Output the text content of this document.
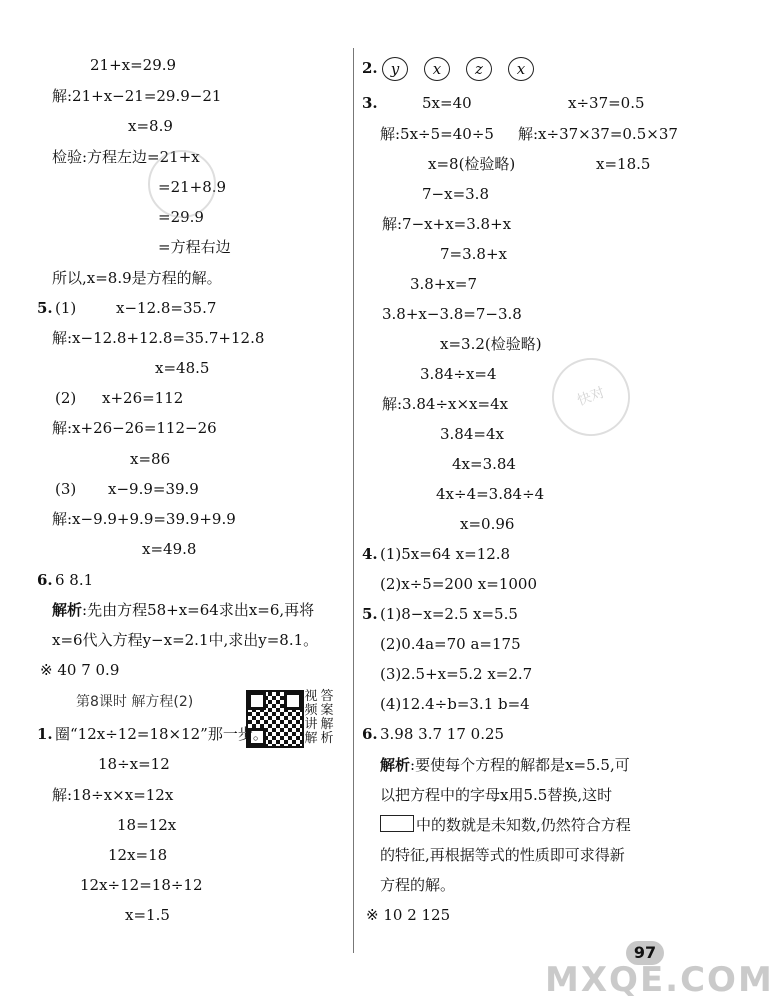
21+x=29.9
解:21+x−21=29.9−21
x=8.9
检验:方程左边=21+x
=21+8.9
=29.9
=方程右边
所以,x=8.9是方程的解。
5. (1)	x−12.8=35.7
解:x−12.8+12.8=35.7+12.8
x=48.5
(2) x+26=112
解:x+26−26=112−26
x=86
(3) x−9.9=39.9
解:x−9.9+9.9=39.9+9.9
x=49.8
6. 6 8.1
解析:先由方程58+x=64求出x=6,再将
x=6代入方程y−x=2.1中,求出y=8.1。
※ 40 7 0.9
第8课时 解方程(2)	视频讲解
答案解析
1. 圈“12x÷12=18×12”那一步。
18÷x=12
解:18÷x×x=12x
18=12x
12x=18
12x÷12=18÷12
x=1.5
2. y	x	z	x
3.	5x=40	x÷37=0.5
解:5x÷5=40÷5 解:x÷37×37=0.5×37
x=8(检验略)	x=18.5
7−x=3.8
解:7−x+x=3.8+x
7=3.8+x
3.8+x=7
3.8+x−3.8=7−3.8
x=3.2(检验略)
3.84÷x=4
解:3.84÷x×x=4x
3.84=4x
4x=3.84
4x÷4=3.84÷4
x=0.96
4. (1)5x=64 x=12.8
(2)x÷5=200 x=1000
5. (1)8−x=2.5 x=5.5
(2)0.4a=70 a=175
(3)2.5+x=5.2 x=2.7
(4)12.4÷b=3.1 b=4
6. 3.98 3.7 17 0.25
解析:要使每个方程的解都是x=5.5,可
以把方程中的字母x用5.5替换,这时
中的数就是未知数,仍然符合方程
的特征,再根据等式的性质即可求得新
方程的解。
※ 10 2 125
快对
97
MXQE.COM
